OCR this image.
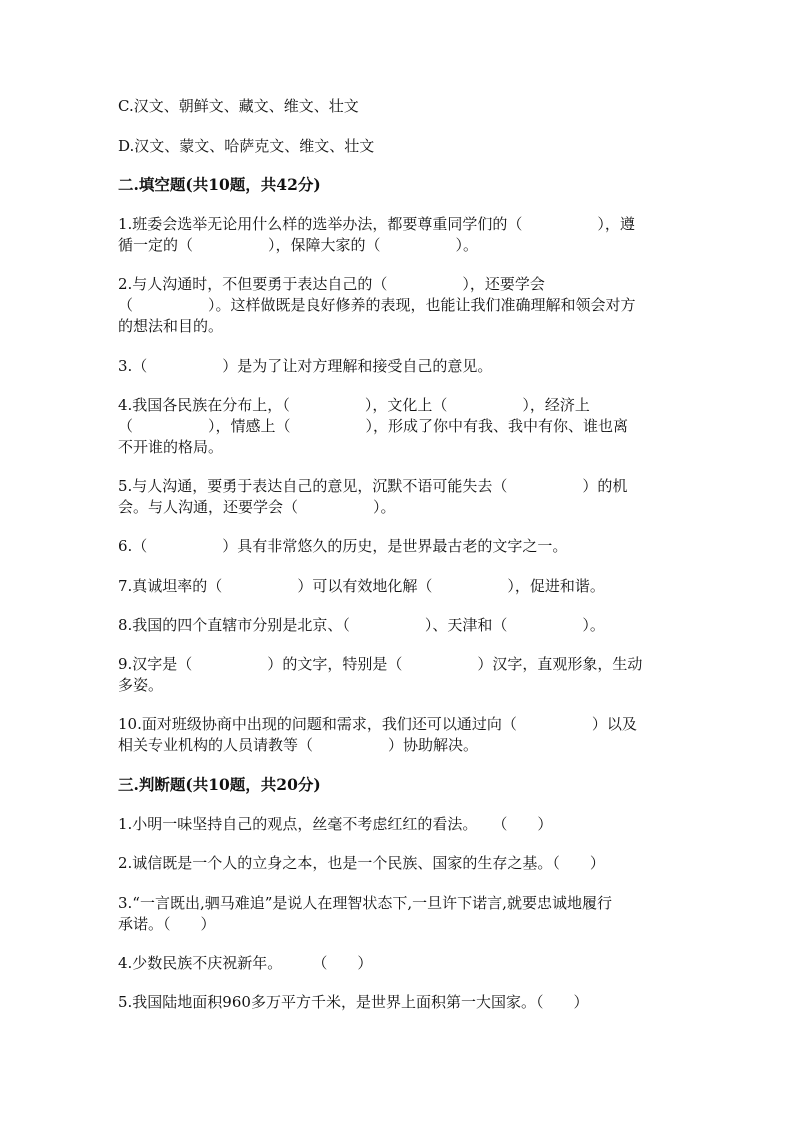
C.汉文、朝鲜文、藏文、维文、壮文
D.汉文、蒙文、哈萨克文、维文、壮文
二.填空题(共10题，共42分)
1.班委会选举无论用什么样的选举办法，都要尊重同学们的（　　　　　），遵
循一定的（　　　　　），保障大家的（　　　　　）。
2.与人沟通时，不但要勇于表达自己的（　　　　　），还要学会
（　　　　　）。这样做既是良好修养的表现，也能让我们准确理解和领会对方
的想法和目的。
3.（　　　　　）是为了让对方理解和接受自己的意见。
4.我国各民族在分布上，（　　　　　），文化上（　　　　　），经济上
（　　　　　），情感上（　　　　　），形成了你中有我、我中有你、谁也离
不开谁的格局。
5.与人沟通，要勇于表达自己的意见，沉默不语可能失去（　　　　　）的机
会。与人沟通，还要学会（　　　　　）。
6.（　　　　　）具有非常悠久的历史，是世界最古老的文字之一。
7.真诚坦率的（　　　　　）可以有效地化解（　　　　　），促进和谐。
8.我国的四个直辖市分别是北京、（　　　　　）、天津和（　　　　　）。
9.汉字是（　　　　　）的文字，特别是（　　　　　）汉字，直观形象，生动
多姿。
10.面对班级协商中出现的问题和需求，我们还可以通过向（　　　　　）以及
相关专业机构的人员请教等（　　　　　）协助解决。
三.判断题(共10题，共20分)
1.小明一味坚持自己的观点，丝毫不考虑红红的看法。　　（　　）
2.诚信既是一个人的立身之本，也是一个民族、国家的生存之基。（　　）
3.“一言既出,驷马难追”是说人在理智状态下,一旦许下诺言,就要忠诚地履行
承诺。（　　）
4.少数民族不庆祝新年。　　　（　　）
5.我国陆地面积960多万平方千米，是世界上面积第一大国家。（　　）
